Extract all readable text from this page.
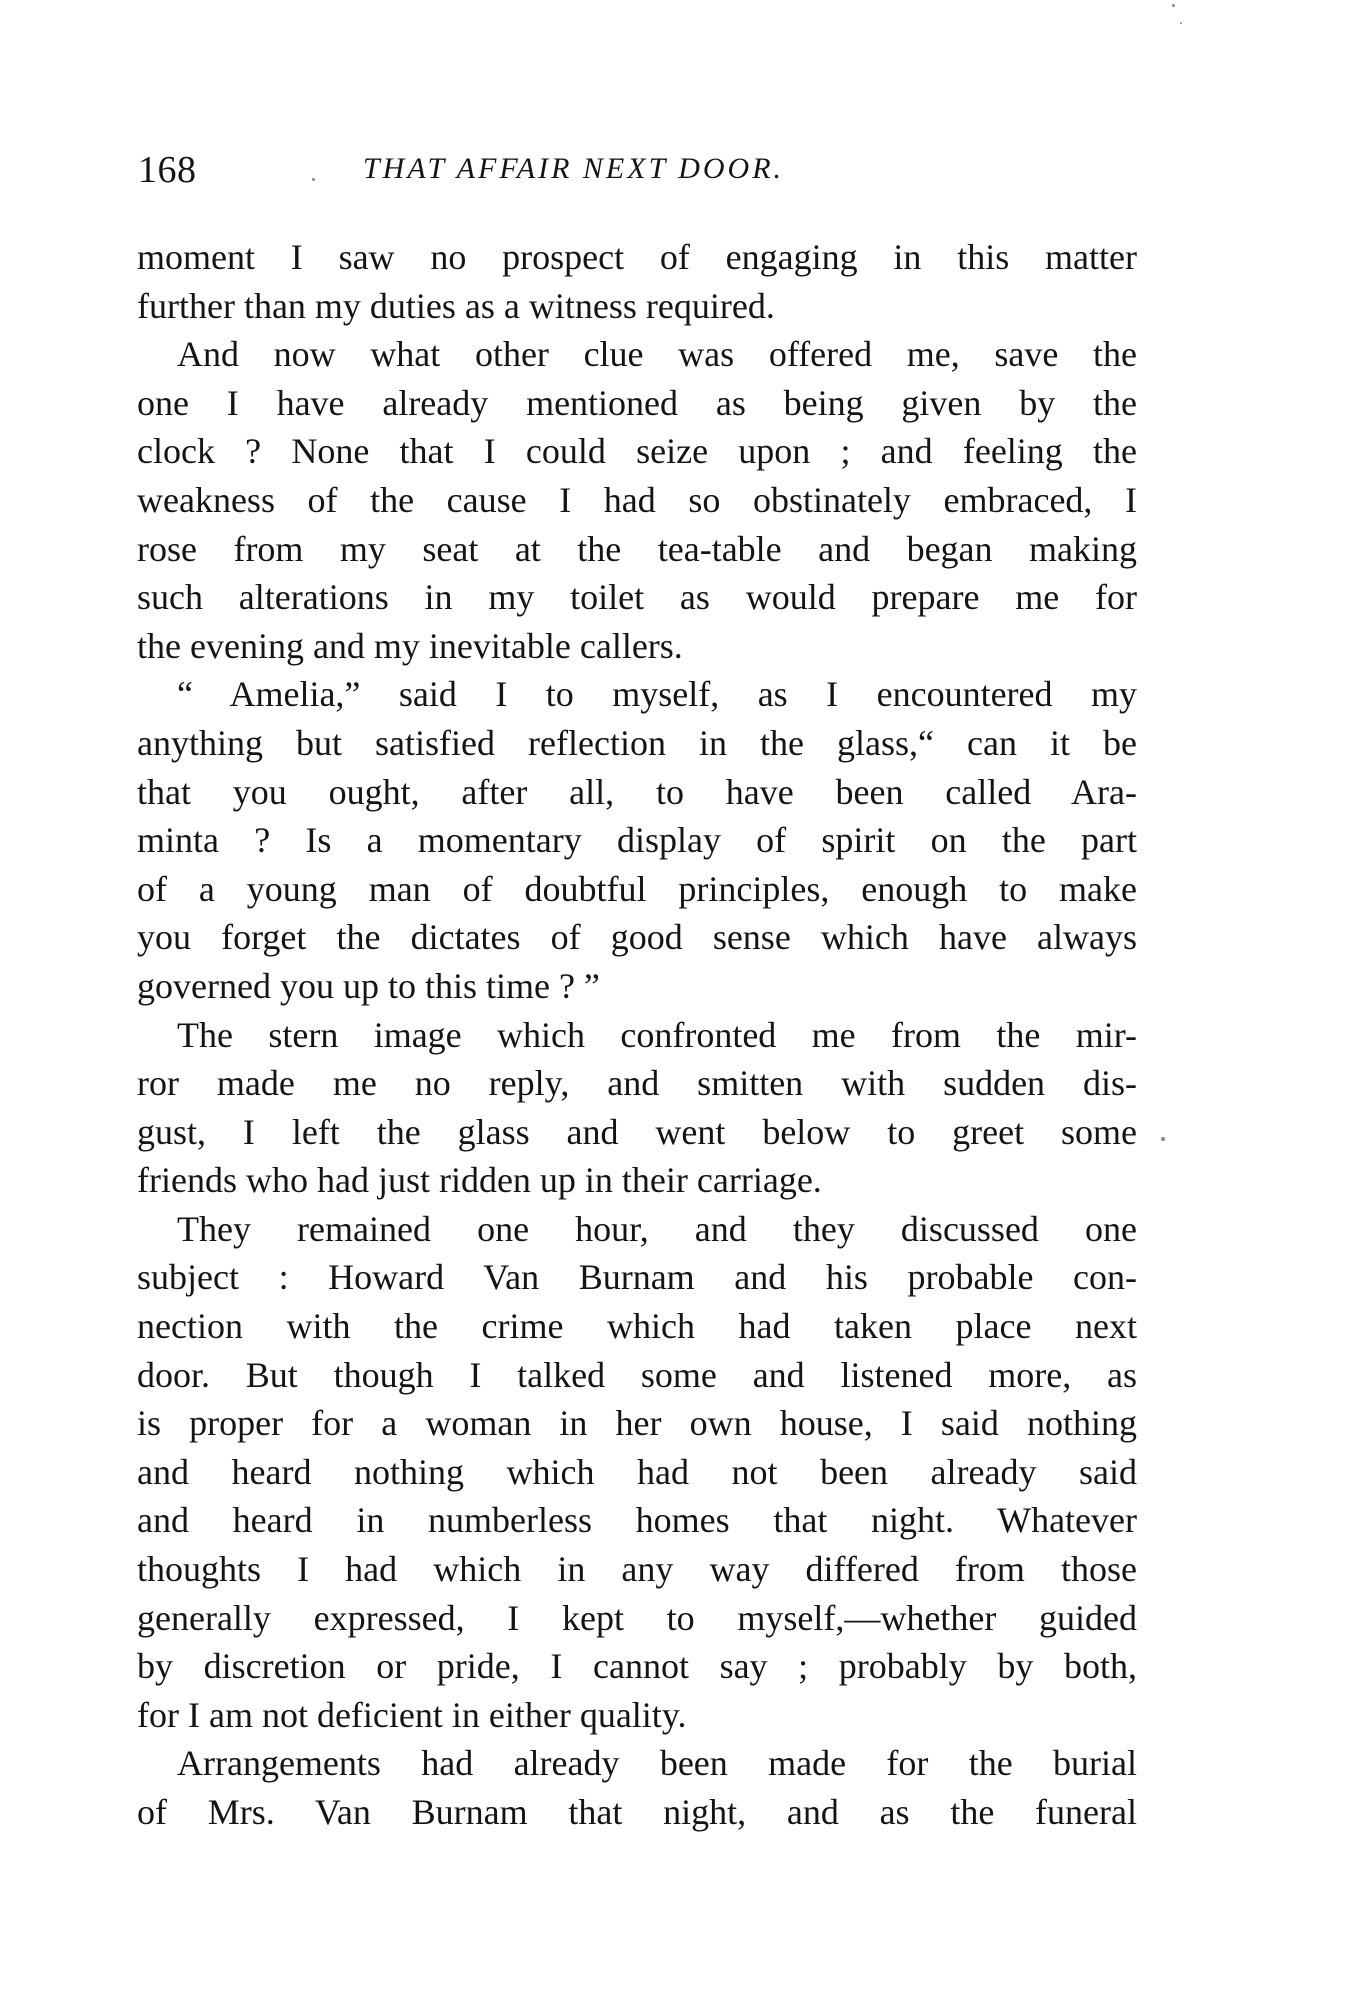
168	THAT AFFAIR NEXT DOOR.
moment I saw no prospect of engaging in this matter
further than my duties as a witness required.
And now what other clue was offered me, save the
one I have already mentioned as being given by the
clock ? None that I could seize upon ; and feeling the
weakness of the cause I had so obstinately embraced, I
rose from my seat at the tea-table and began making
such alterations in my toilet as would prepare me for
the evening and my inevitable callers.
“ Amelia,” said I to myself, as I encountered my
anything but satisfied reflection in the glass,“ can it be
that you ought, after all, to have been called Ara-
minta ? Is a momentary display of spirit on the part
of a young man of doubtful principles, enough to make
you forget the dictates of good sense which have always
governed you up to this time ? ”
The stern image which confronted me from the mir-
ror made me no reply, and smitten with sudden dis-
gust, I left the glass and went below to greet some
friends who had just ridden up in their carriage.
They remained one hour, and they discussed one
subject : Howard Van Burnam and his probable con-
nection with the crime which had taken place next
door. But though I talked some and listened more, as
is proper for a woman in her own house, I said nothing
and heard nothing which had not been already said
and heard in numberless homes that night. Whatever
thoughts I had which in any way differed from those
generally expressed, I kept to myself,—whether guided
by discretion or pride, I cannot say ; probably by both,
for I am not deficient in either quality.
Arrangements had already been made for the burial
of Mrs. Van Burnam that night, and as the funeral
